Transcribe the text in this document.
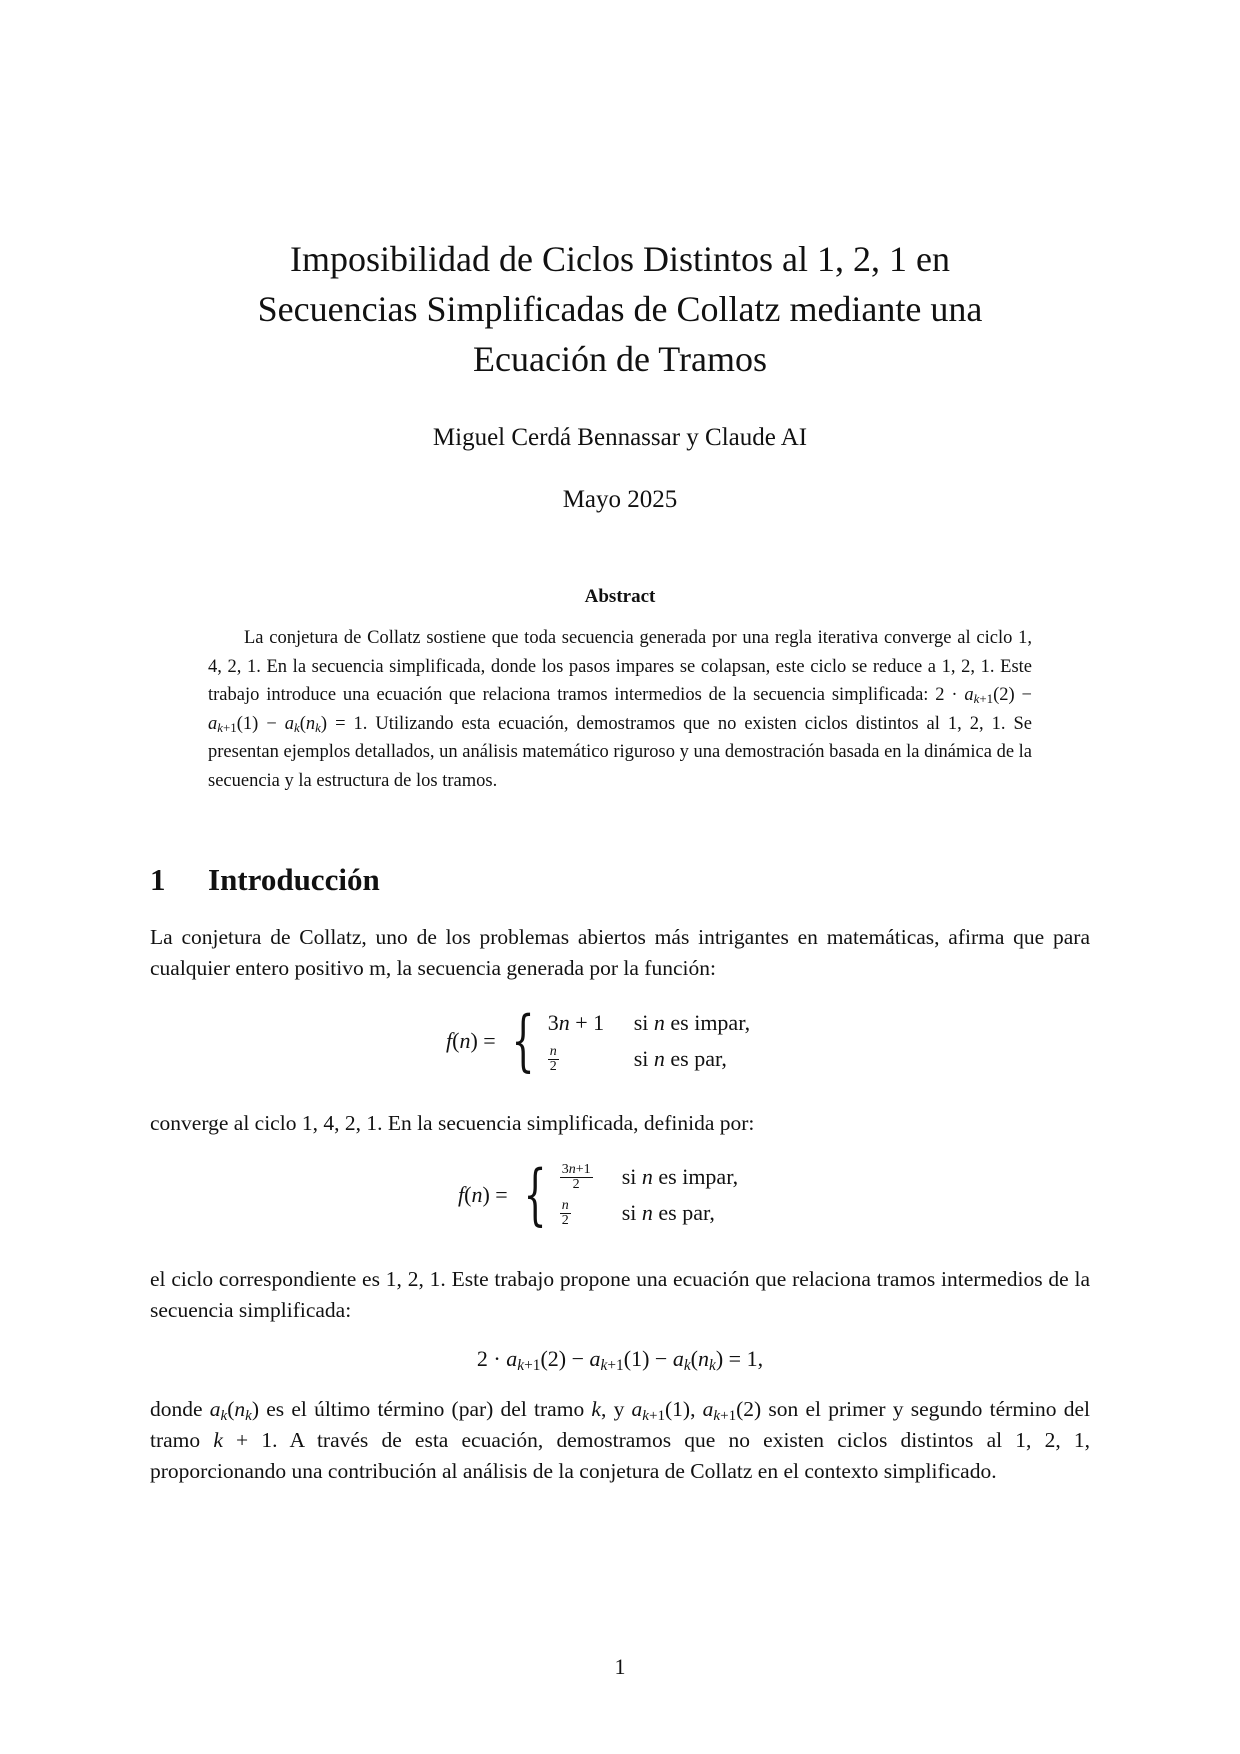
Imposibilidad de Ciclos Distintos al 1, 2, 1 en
Secuencias Simplificadas de Collatz mediante una
Ecuación de Tramos
Miguel Cerdá Bennassar y Claude AI
Mayo 2025
Abstract

La conjetura de Collatz sostiene que toda secuencia generada por una regla iterativa converge al ciclo 1, 4, 2, 1. En la secuencia simplificada, donde los pasos impares se colapsan, este ciclo se reduce a 1, 2, 1. Este trabajo introduce una ecuación que relaciona tramos intermedios de la secuencia simplificada: $2 \cdot a_{k+1}(2) - a_{k+1}(1) - a_k(n_k) = 1$. Utilizando esta ecuación, demostramos que no existen ciclos distintos al 1, 2, 1. Se presentan ejemplos detallados, un análisis matemático riguroso y una demostración basada en la dinámica de la secuencia y la estructura de los tramos.

1 Introducción

La conjetura de Collatz, uno de los problemas abiertos más intrigantes en matemáticas, afirma que para cualquier entero positivo m, la secuencia generada por la función:

f(n) = { 3n + 1	si n es impar,
$\frac{n}{2}$	si n es par,

converge al ciclo 1, 4, 2, 1. En la secuencia simplificada, definida por:

f(n) = { $\frac{3n+1}{2}$ si n es impar,
$\frac{n}{2}$ si n es par,

el ciclo correspondiente es 1, 2, 1. Este trabajo propone una ecuación que relaciona tramos intermedios de la secuencia simplificada:

$2 \cdot a_{k+1}(2) - a_{k+1}(1) - a_k(n_k) = 1$,

donde $a_k(n_k)$ es el último término (par) del tramo k, y $a_{k+1}(1)$, $a_{k+1}(2)$ son el primer y segundo término del tramo k + 1. A través de esta ecuación, demostramos que no existen ciclos distintos al 1, 2, 1, proporcionando una contribución al análisis de la conjetura de Collatz en el contexto simplificado.

1
